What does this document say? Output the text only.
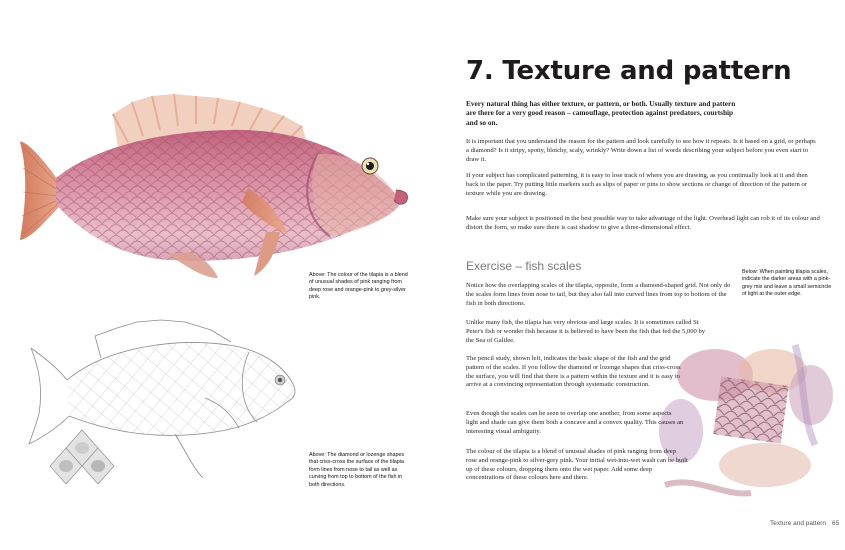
Above: The colour of the tilapia is a blend of unusual shades of pink ranging from deep rose and orange-pink to grey-silver pink.
Above: The diamond or lozenge shapes that criss-cross the surface of the tilapia form lines from nose to tail as well as curving from top to bottom of the fish in both directions.
Below: When painting tilapia scales, indicate the darker areas with a pink-grey mix and leave a small semicircle of light at the outer edge.
7. Texture and pattern

Every natural thing has either texture, or pattern, or both. Usually texture and pattern are there for a very good reason – camouflage, protection against predators, courtship and so on.

It is important that you understand the reason for the pattern and look carefully to see how it repeats. Is it based on a grid, or perhaps a diamond? Is it stripy, spotty, blotchy, scaly, wrinkly? Write down a list of words describing your subject before you even start to draw it.

If your subject has complicated patterning, it is easy to lose track of where you are drawing, as you continually look at it and then back to the paper. Try putting little markers such as slips of paper or pins to show sections or change of direction of the pattern or texture while you are drawing.

Make sure your subject is positioned in the best possible way to take advantage of the light. Overhead light can rob it of its colour and distort the form, so make sure there is cast shadow to give a three-dimensional effect.

Exercise – fish scales

Notice how the overlapping scales of the tilapia, opposite, form a diamond-shaped grid. Not only do the scales form lines from nose to tail, but they also fall into curved lines from top to bottom of the fish in both directions.

Unlike many fish, the tilapia has very obvious and large scales. It is sometimes called St Peter's fish or wonder fish because it is believed to have been the fish that fed the 5,000 by the Sea of Galilee.

The pencil study, shown left, indicates the basic shape of the fish and the grid pattern of the scales. If you follow the diamond or lozenge shapes that criss-cross the surface, you will find that there is a pattern within the texture and it is easy to arrive at a convincing representation through systematic construction.

Even though the scales can be seen to overlap one another, from some aspects light and shade can give them both a concave and a convex quality. This causes an interesting visual ambiguity.

The colour of the tilapia is a blend of unusual shades of pink ranging from deep rose and orange-pink to silver-grey pink. Your initial wet-into-wet wash can be built up of these colours, dropping them onto the wet paper. Add some deep concentrations of these colours here and there.

Texture and pattern 65
